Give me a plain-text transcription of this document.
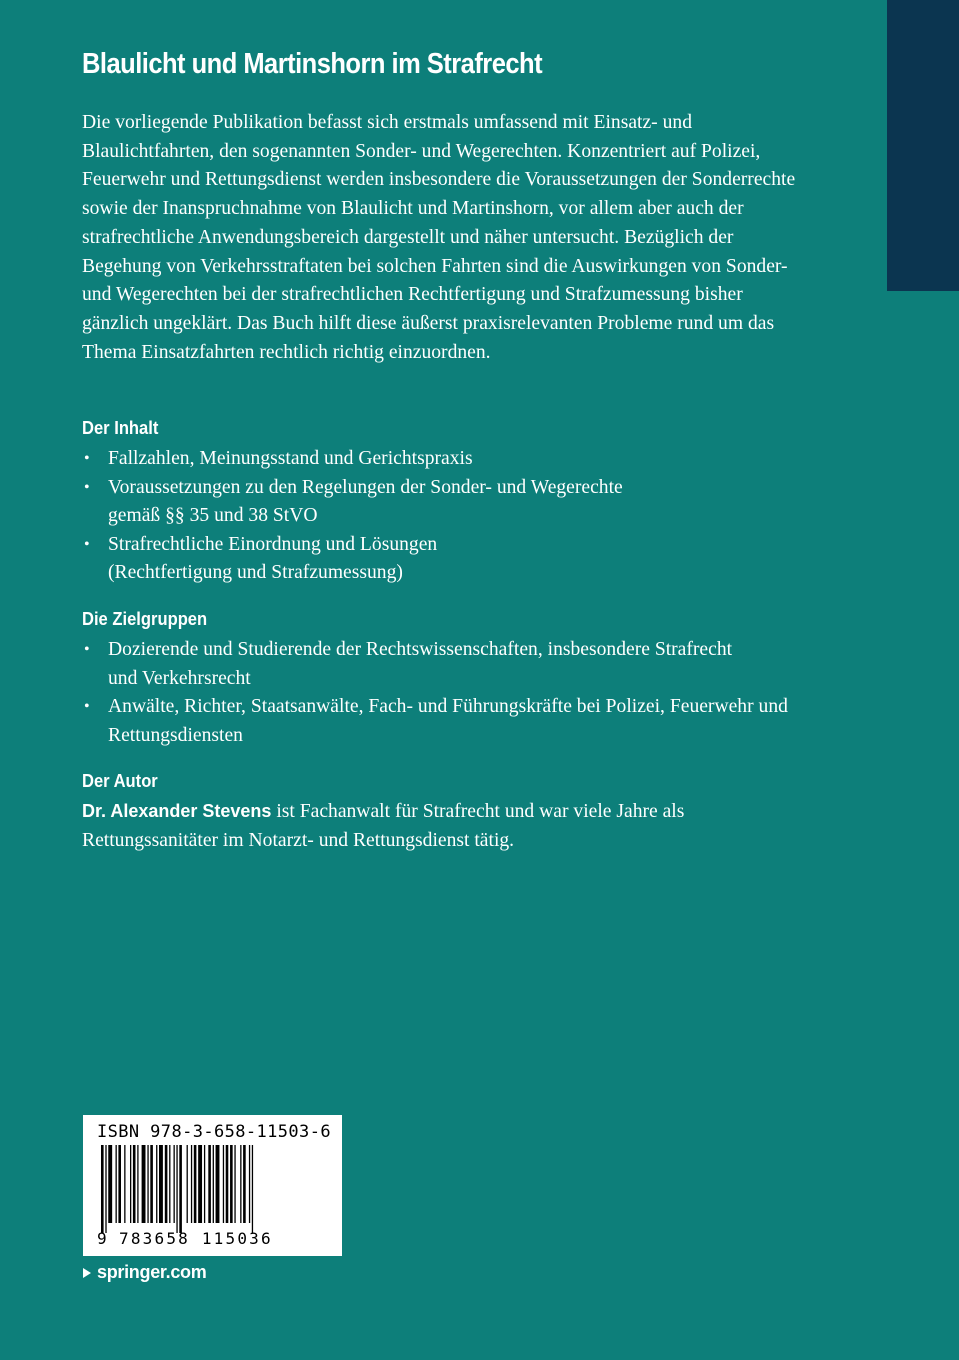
Blaulicht und Martinshorn im Strafrecht

Die vorliegende Publikation befasst sich erstmals umfassend mit Einsatz- und Blaulichtfahrten, den sogenannten Sonder- und Wegerechten. Konzentriert auf Polizei, Feuerwehr und Rettungsdienst werden insbesondere die Voraussetzungen der Sonderrechte sowie der Inanspruchnahme von Blaulicht und Martinshorn, vor allem aber auch der strafrechtliche Anwendungsbereich dargestellt und näher untersucht. Bezüglich der Begehung von Verkehrsstraftaten bei solchen Fahrten sind die Auswirkungen von Sonder- und Wegerechten bei der strafrechtlichen Rechtfertigung und Strafzumessung bisher gänzlich ungeklärt. Das Buch hilft diese äußerst praxisrelevanten Probleme rund um das Thema Einsatzfahrten rechtlich richtig einzuordnen.

Der Inhalt
• Fallzahlen, Meinungsstand und Gerichtspraxis
• Voraussetzungen zu den Regelungen der Sonder- und Wegerechte gemäß §§ 35 und 38 StVO
• Strafrechtliche Einordnung und Lösungen (Rechtfertigung und Strafzumessung)
Die Zielgruppen
• Dozierende und Studierende der Rechtswissenschaften, insbesondere Strafrecht und Verkehrsrecht
• Anwälte, Richter, Staatsanwälte, Fach- und Führungskräfte bei Polizei, Feuerwehr und Rettungsdiensten
Der Autor

Dr. Alexander Stevens ist Fachanwalt für Strafrecht und war viele Jahre als Rettungssanitäter im Notarzt- und Rettungsdienst tätig.

ISBN 978-3-658-11503-6
9 783658 115036
springer.com
